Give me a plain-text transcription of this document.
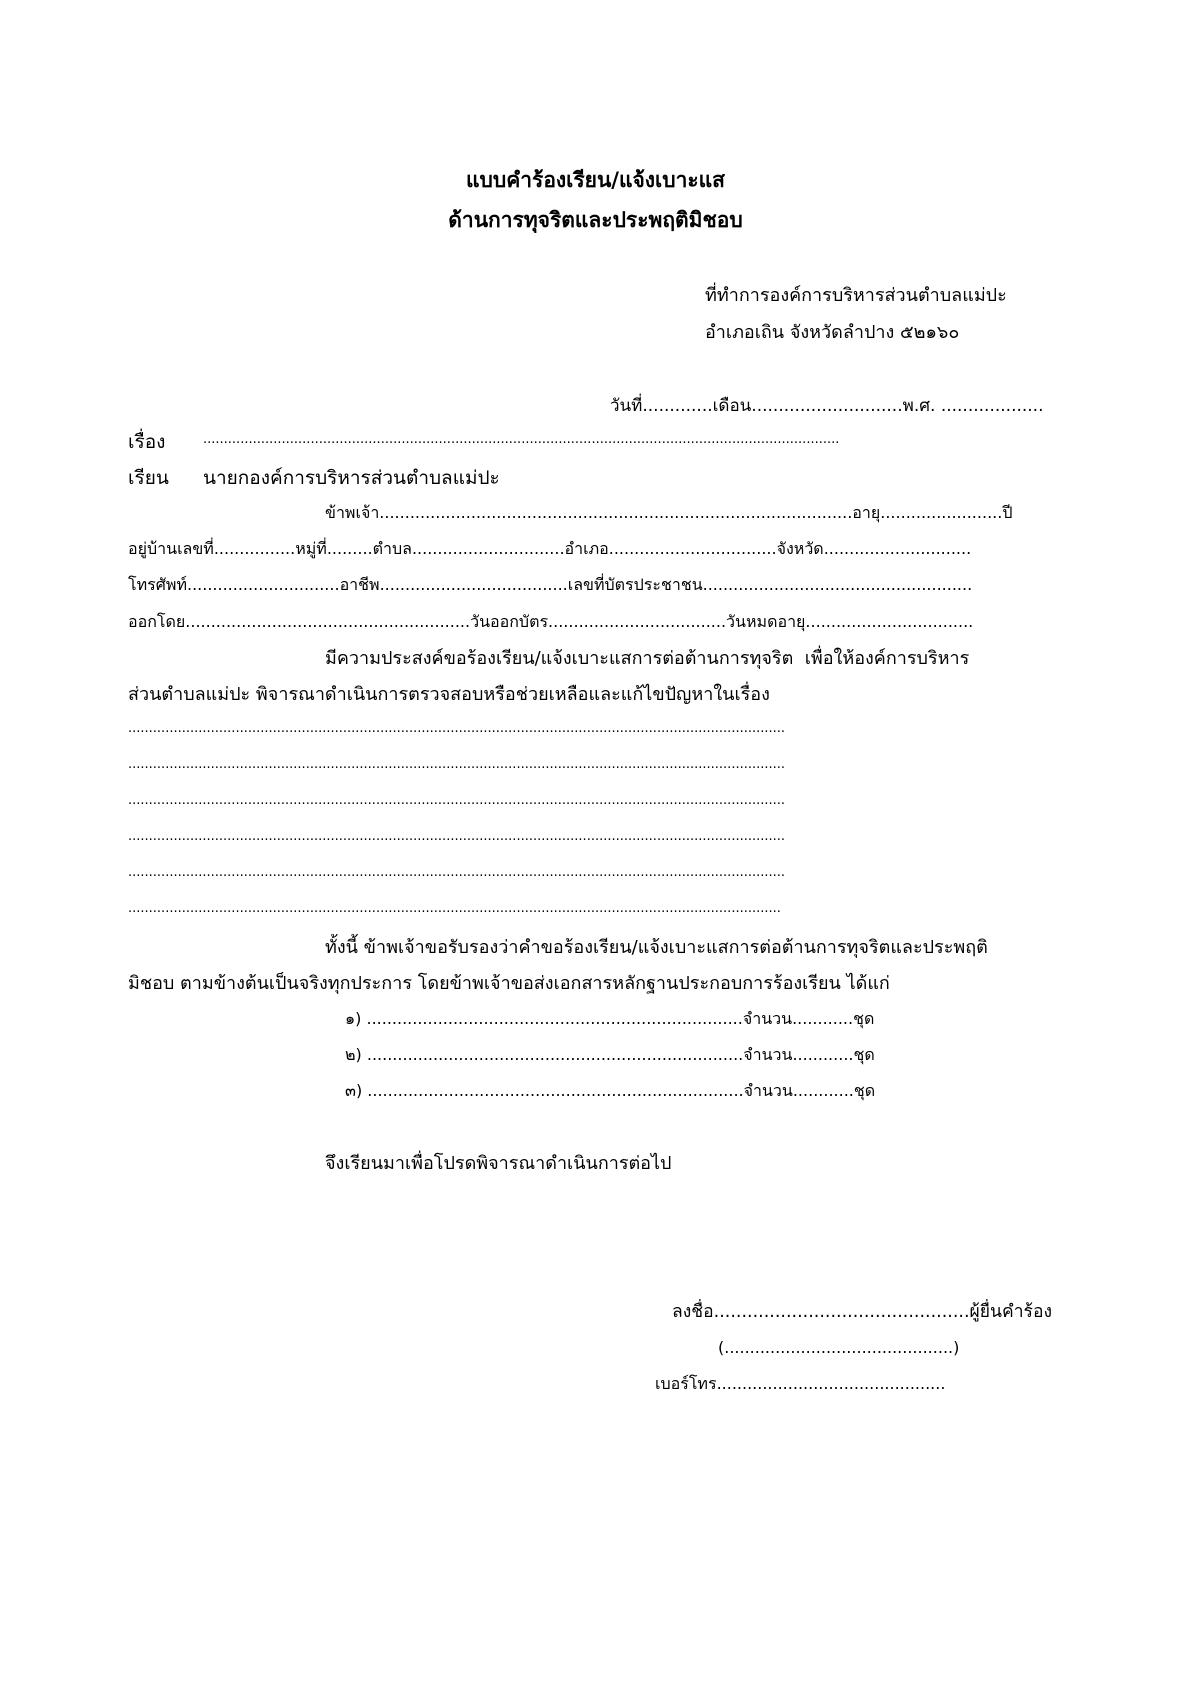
แบบคำร้องเรียน/แจ้งเบาะแส
ด้านการทุจริตและประพฤติมิชอบ
ที่ทำการองค์การบริหารส่วนตำบลแม่ปะ
อำเภอเถิน จังหวัดลำปาง ๕๒๑๖๐
วันที่.............เดือน............................พ.ศ. ...................
เรื่อง	..........................................................................................................................................................
เรียน นายกองค์การบริหารส่วนตำบลแม่ปะ
ข้าพเจ้า.............................................................................................อายุ........................ปี
อยู่บ้านเลขที่................หมู่ที่.........ตำบล..............................อำเภอ.................................จังหวัด.............................
โทรศัพท์..............................อาชีพ.....................................เลขที่บัตรประชาชน.....................................................
ออกโดย........................................................วันออกบัตร...................................วันหมดอายุ.................................
มีความประสงค์ขอร้องเรียน/แจ้งเบาะแสการต่อต้านการทุจริต  เพื่อให้องค์การบริหาร
ส่วนตำบลแม่ปะ พิจารณาดำเนินการตรวจสอบหรือช่วยเหลือและแก้ไขปัญหาในเรื่อง
...............................................................................................................................................................
...............................................................................................................................................................
...............................................................................................................................................................
...............................................................................................................................................................
...............................................................................................................................................................
..............................................................................................................................................................
ทั้งนี้ ข้าพเจ้าขอรับรองว่าคำขอร้องเรียน/แจ้งเบาะแสการต่อต้านการทุจริตและประพฤติ
มิชอบ ตามข้างต้นเป็นจริงทุกประการ โดยข้าพเจ้าขอส่งเอกสารหลักฐานประกอบการร้องเรียน ได้แก่
๑) ..........................................................................จำนวน............ชุด
๒) ..........................................................................จำนวน............ชุด
๓) ..........................................................................จำนวน............ชุด
จึงเรียนมาเพื่อโปรดพิจารณาดำเนินการต่อไป
ลงชื่อ..............................................ผู้ยื่นคำร้อง
(.............................................)
เบอร์โทร.............................................
